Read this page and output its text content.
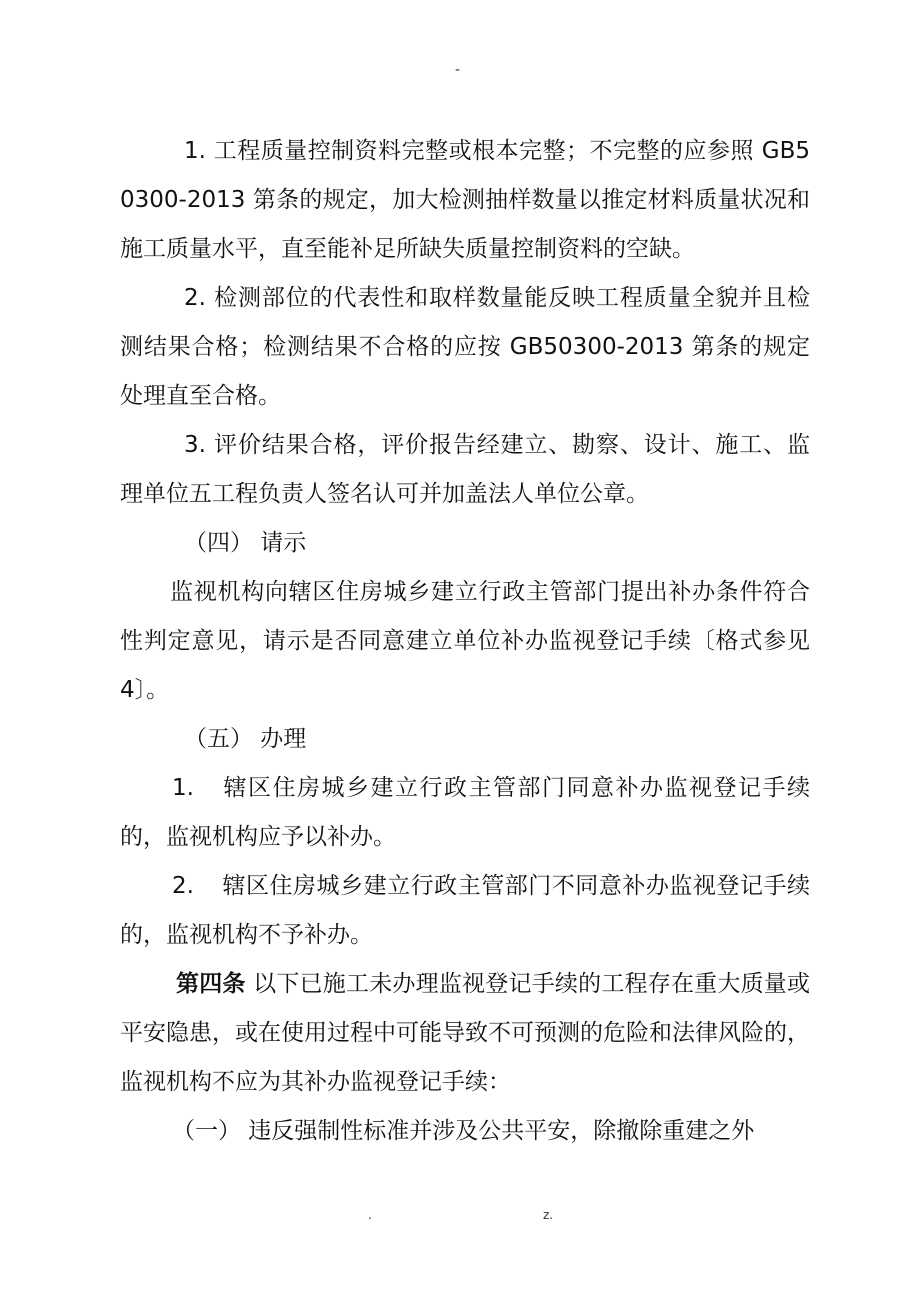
-

1. 工程质量控制资料完整或根本完整；不完整的应参照 GB50300-2013 第条的规定，加大检测抽样数量以推定材料质量状况和施工质量水平，直至能补足所缺失质量控制资料的空缺。

2. 检测部位的代表性和取样数量能反映工程质量全貌并且检测结果合格；检测结果不合格的应按 GB50300-2013 第条的规定处理直至合格。

3. 评价结果合格，评价报告经建立、勘察、设计、施工、监理单位五工程负责人签名认可并加盖法人单位公章。

（四） 请示

监视机构向辖区住房城乡建立行政主管部门提出补办条件符合性判定意见，请示是否同意建立单位补办监视登记手续〔格式参见 4〕。

（五） 办理

1. 辖区住房城乡建立行政主管部门同意补办监视登记手续的，监视机构应予以补办。

2. 辖区住房城乡建立行政主管部门不同意补办监视登记手续的，监视机构不予补办。

第四条 以下已施工未办理监视登记手续的工程存在重大质量或平安隐患，或在使用过程中可能导致不可预测的危险和法律风险的，监视机构不应为其补办监视登记手续：

（一） 违反强制性标准并涉及公共平安，除撤除重建之外

.	z.
